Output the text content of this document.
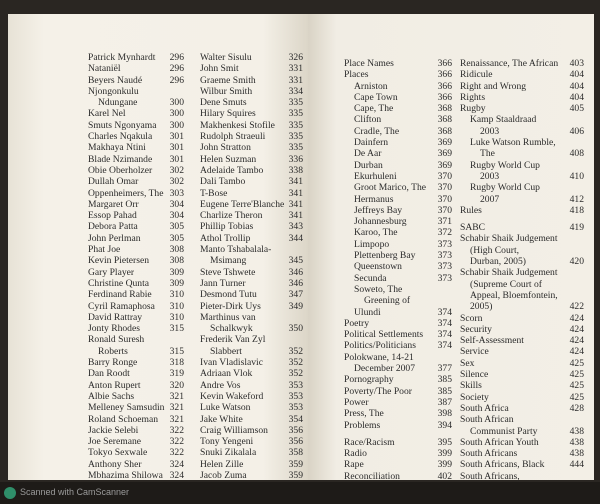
Patrick Mynhardt 296
Nataniël	296
Beyers Naudé	296
Njongonkulu
Ndungane	300
Karel Nel	300
Smuts Ngonyama 300
Charles Nqakula 301
Makhaya Ntini 301
Blade Nzimande 301
Obie Oberholzer 302
Dullah Omar	302
Oppenheimers, The 303
Margaret Orr	304
Essop Pahad	304
Debora Patta	305
John Perlman	305
Phat Joe	308
Kevin Pietersen 308
Gary Player	309
Christine Qunta 309
Ferdinand Rabie 310
Cyril Ramaphosa 310
David Rattray	310
Jonty Rhodes	315
Ronald Suresh
Roberts	315
Barry Ronge	318
Dan Roodt	319
Anton Rupert	320
Albie Sachs	321
Melleney Samsudin 321
Roland Schoeman 321
Jackie Selebi	322
Joe Seremane	322
Tokyo Sexwale 322
Anthony Sher	324
Mbhazima Shilowa 324
Walter Sisulu	326
John Smit	331
Graeme Smith	331
Wilbur Smith	334
Dene Smuts	335
Hilary Squires	335
Makhenkesi Stofile 335
Rudolph Straeuli 335
John Stratton	335
Helen Suzman	336
Adelaide Tambo	338
Dali Tambo	341
T-Bose	341
Eugene Terre'Blanche 341
Charlize Theron	341
Phillip Tobias	343
Athol Trollip	344
Manto Tshabalala-
Msimang	345
Steve Tshwete	346
Jann Turner	346
Desmond Tutu	347
Pieter-Dirk Uys	349
Marthinus van
Schalkwyk	350
Frederik Van Zyl
Slabbert	352
Ivan Vladislavic	352
Adriaan Vlok	352
Andre Vos	353
Kevin Wakeford	353
Luke Watson	353
Jake White	354
Craig Williamson 356
Tony Yengeni	356
Snuki Zikalala	358
Helen Zille	359
Jacob Zuma	359
Place Names	366
Places	366
Arniston	366
Cape Town	366
Cape, The	368
Clifton	368
Cradle, The	368
Dainfern	369
De Aar	369
Durban	369
Ekurhuleni	370
Groot Marico, The 370
Hermanus	370
Jeffreys Bay	370
Johannesburg	371
Karoo, The	372
Limpopo	373
Plettenberg Bay 373
Queenstown	373
Secunda	373
Soweto, The
Greening of
Ulundi	374
Poetry	374
Political Settlements 374
Politics/Politicians 374
Polokwane, 14-21
December 2007 377
Pornography	385
Poverty/The Poor	385
Power	387
Press, The	398
Problems	394
Race/Racism	395
Radio	399
Rape	399
Reconciliation	402
Renaissance, The African 403
Ridicule	404
Right and Wrong	404
Rights	404
Rugby	405
Kamp Staaldraad
2003	406
Luke Watson Rumble,
The	408
Rugby World Cup
2003	410
Rugby World Cup
2007	412
Rules	418
SABC	419
Schabir Shaik Judgement
(High Court,
Durban, 2005)	420
Schabir Shaik Judgement
(Supreme Court of
Appeal, Bloemfontein,
2005)	422
Scorn	424
Security	424
Self-Assessment	424
Service	424
Sex	425
Silence	425
Skills	425
Society	425
South Africa	428
South African
Communist Party	438
South African Youth	438
South Africans	438
South Africans, Black	444
South Africans,
Scanned with CamScanner
